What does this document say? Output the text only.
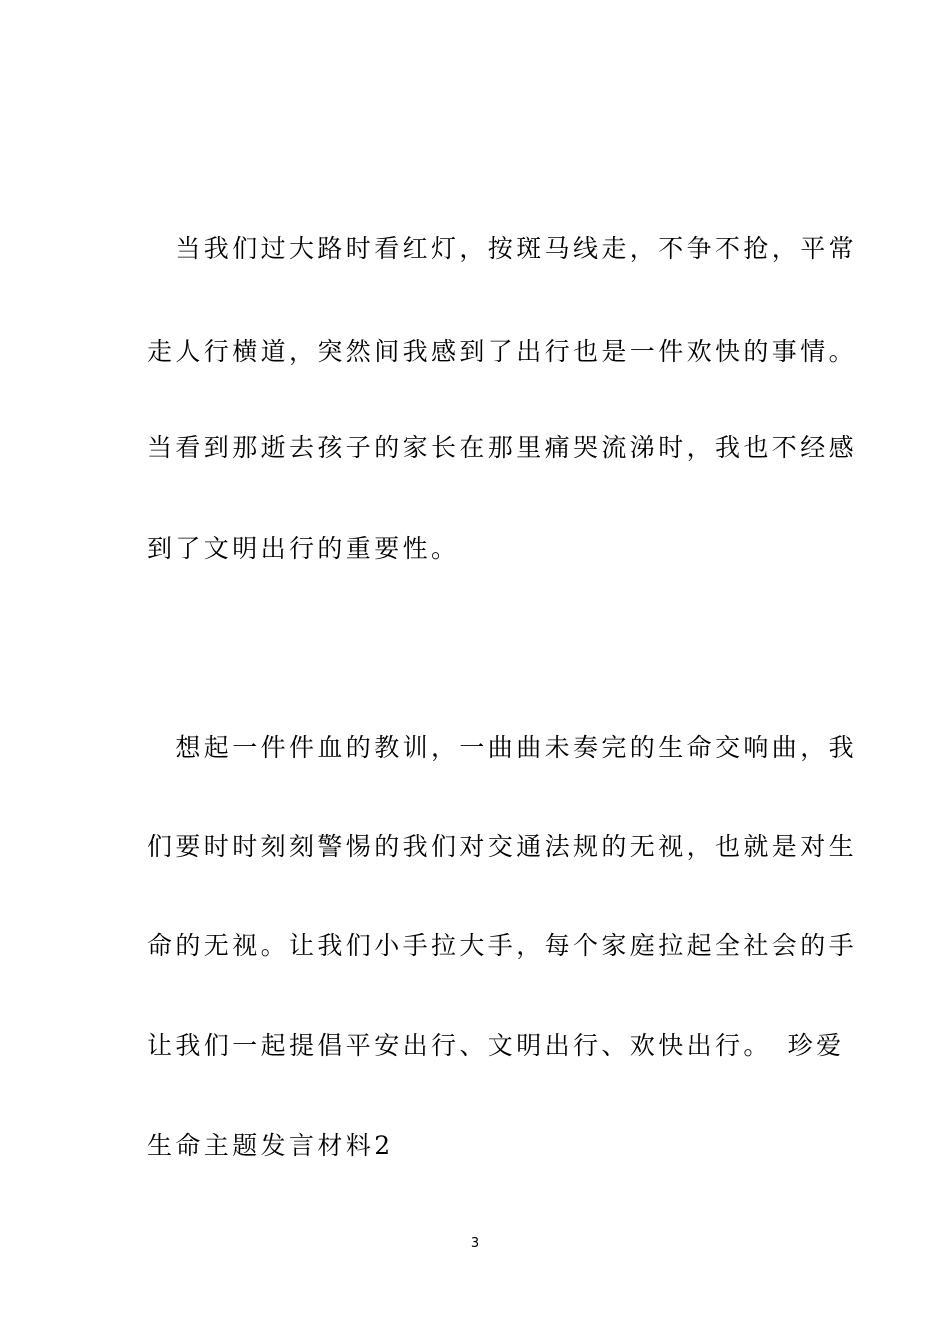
　当我们过大路时看红灯，按斑马线走，不争不抢，平常
走人行横道，突然间我感到了出行也是一件欢快的事情。
当看到那逝去孩子的家长在那里痛哭流涕时，我也不经感
到了文明出行的重要性。
　想起一件件血的教训，一曲曲未奏完的生命交响曲，我
们要时时刻刻警惕的我们对交通法规的无视，也就是对生
命的无视。让我们小手拉大手，每个家庭拉起全社会的手
让我们一起提倡平安出行、文明出行、欢快出行。　珍爱
生命主题发言材料2
3
